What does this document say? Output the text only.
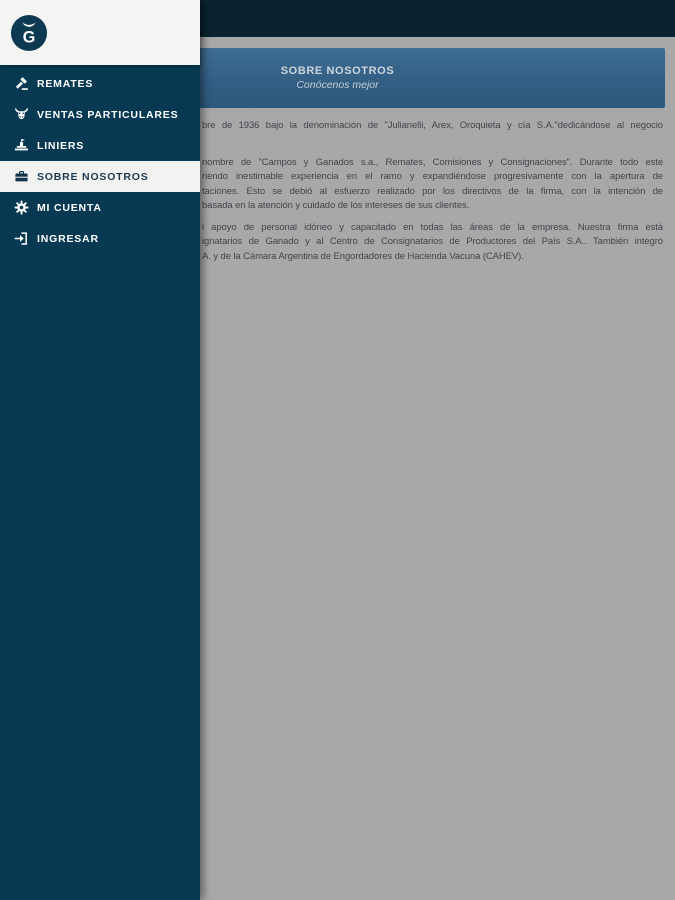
SOBRE NOSOTROS
Conócenos mejor
bre de 1936 bajo la denominación de "Julianelli, Arex, Oroquieta y cía S.A."dedicándose al negocio
nombre de "Campos y Ganados s.a., Remates, Comisiones y Consignaciones". Durante todo este
riendo inestimable experiencia en el ramo y expandiéndose progresivamente con la apertura de
taciones. Esto se debió al esfuerzo realizado por los directivos de la firma, con la intención de
basada en la atención y cuidado de los intereses de sus clientes.
l apoyo de personal idóneo y capacitado en todas las áreas de la empresa. Nuestra firma está
ignatarios de Ganado y al Centro de Consignatarios de Productores del País S.A.. También integró
A. y de la Cámara Argentina de Engordadores de Hacienda Vacuna (CAHEV).
G
REMATES
VENTAS PARTICULARES
LINIERS
SOBRE NOSOTROS
MI CUENTA
INGRESAR
